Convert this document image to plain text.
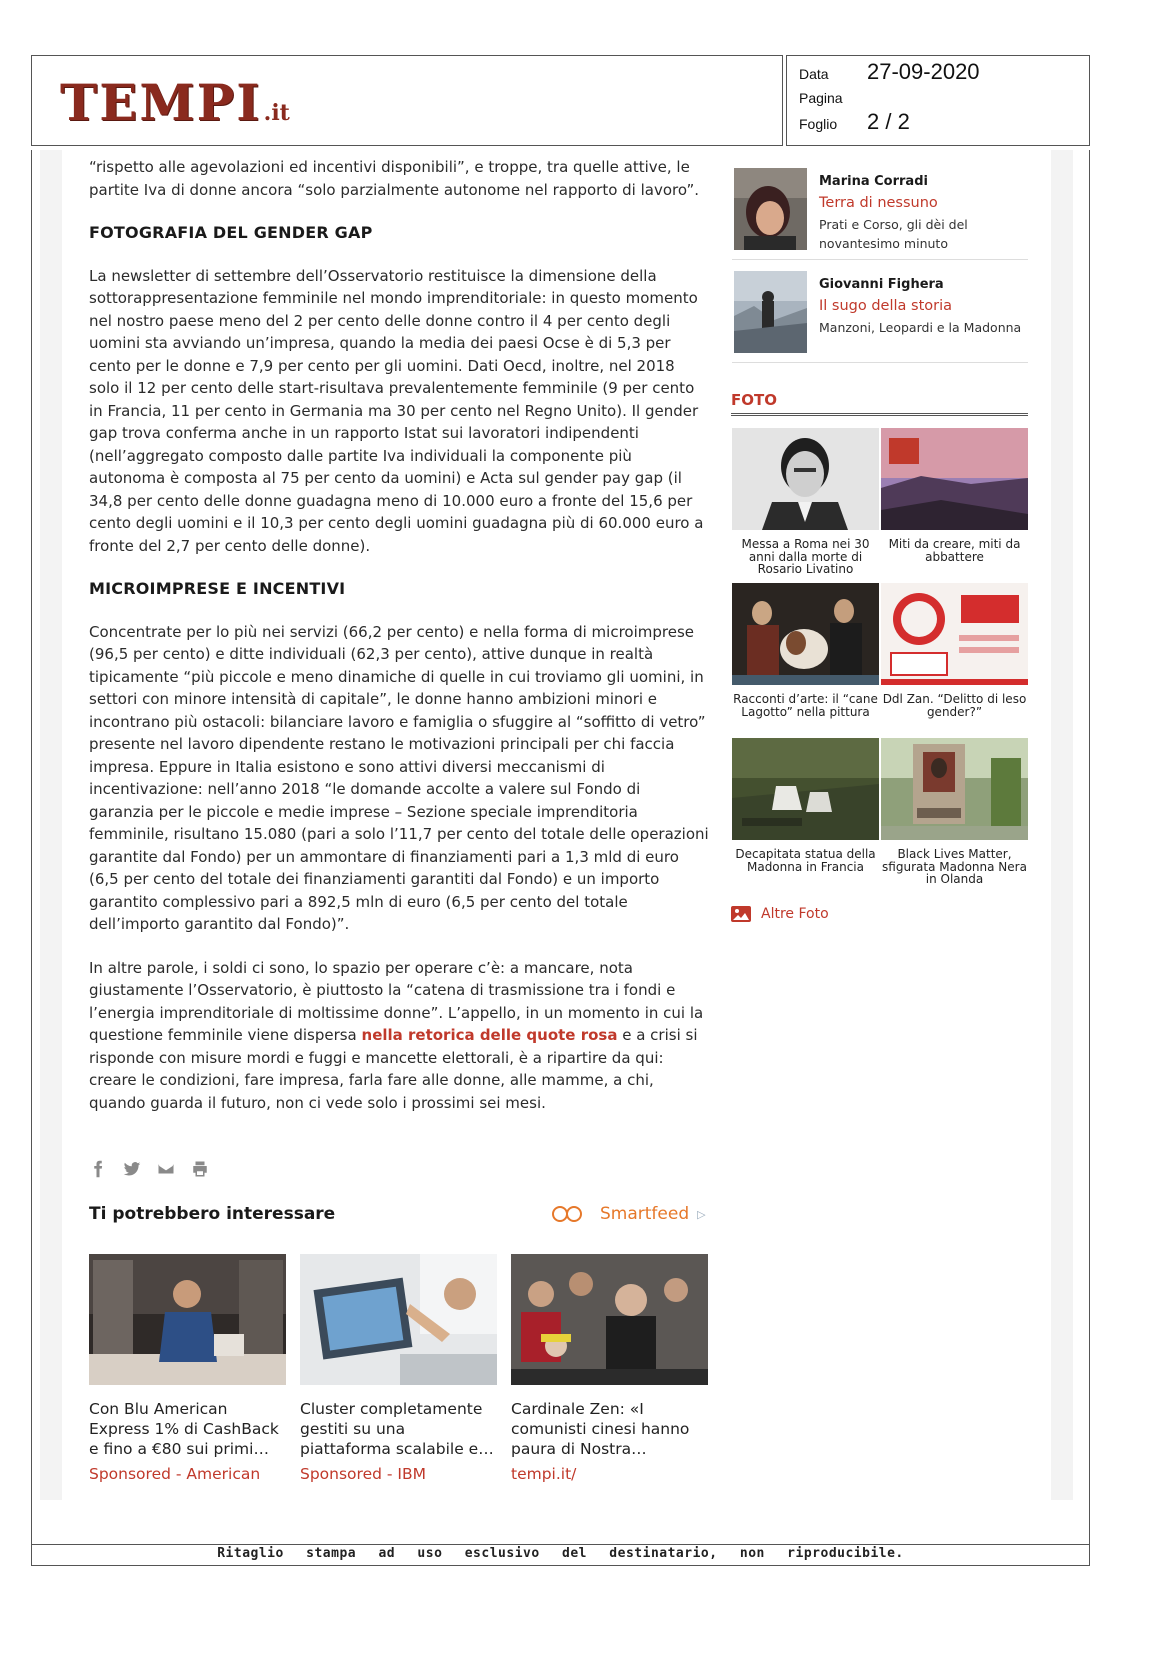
TEMPI .it
Data 27-09-2020
Pagina
Foglio 2 / 2

“rispetto alle agevolazioni ed incentivi disponibili”, e troppe, tra quelle attive, le partite Iva di donne ancora “solo parzialmente autonome nel rapporto di lavoro”.

FOTOGRAFIA DEL GENDER GAP

La newsletter di settembre dell’Osservatorio restituisce la dimensione della sottorappresentazione femminile nel mondo imprenditoriale: in questo momento nel nostro paese meno del 2 per cento delle donne contro il 4 per cento degli uomini sta avviando un’impresa, quando la media dei paesi Ocse è di 5,3 per cento per le donne e 7,9 per cento per gli uomini. Dati Oecd, inoltre, nel 2018 solo il 12 per cento delle start-risultava prevalentemente femminile (9 per cento in Francia, 11 per cento in Germania ma 30 per cento nel Regno Unito). Il gender gap trova conferma anche in un rapporto Istat sui lavoratori indipendenti (nell’aggregato composto dalle partite Iva individuali la componente più autonoma è composta al 75 per cento da uomini) e Acta sul gender pay gap (il 34,8 per cento delle donne guadagna meno di 10.000 euro a fronte del 15,6 per cento degli uomini e il 10,3 per cento degli uomini guadagna più di 60.000 euro a fronte del 2,7 per cento delle donne).

MICROIMPRESE E INCENTIVI

Concentrate per lo più nei servizi (66,2 per cento) e nella forma di microimprese (96,5 per cento) e ditte individuali (62,3 per cento), attive dunque in realtà tipicamente “più piccole e meno dinamiche di quelle in cui troviamo gli uomini, in settori con minore intensità di capitale”, le donne hanno ambizioni minori e incontrano più ostacoli: bilanciare lavoro e famiglia o sfuggire al “soffitto di vetro” presente nel lavoro dipendente restano le motivazioni principali per chi faccia impresa. Eppure in Italia esistono e sono attivi diversi meccanismi di incentivazione: nell’anno 2018 “le domande accolte a valere sul Fondo di garanzia per le piccole e medie imprese – Sezione speciale imprenditoria femminile, risultano 15.080 (pari a solo l’11,7 per cento del totale delle operazioni garantite dal Fondo) per un ammontare di finanziamenti pari a 1,3 mld di euro (6,5 per cento del totale dei finanziamenti garantiti dal Fondo) e un importo garantito complessivo pari a 892,5 mln di euro (6,5 per cento del totale dell’importo garantito dal Fondo)”.

In altre parole, i soldi ci sono, lo spazio per operare c’è: a mancare, nota giustamente l’Osservatorio, è piuttosto la “catena di trasmissione tra i fondi e l’energia imprenditoriale di moltissime donne”. L’appello, in un momento in cui la questione femminile viene dispersa nella retorica delle quote rosa e a crisi si risponde con misure mordi e fuggi e mancette elettorali, è a ripartire da qui: creare le condizioni, fare impresa, farla fare alle donne, alle mamme, a chi, quando guarda il futuro, non ci vede solo i prossimi sei mesi.

Ti potrebbero interessare	Smartfeed ▷
Con Blu American Express 1% di CashBack e fino a €80 sui primi…
Sponsored - American
Cluster completamente gestiti su una piattaforma scalabile e…
Sponsored - IBM
Cardinale Zen: «I comunisti cinesi hanno paura di Nostra…
tempi.it/
Marina Corradi
Terra di nessuno
Prati e Corso, gli dèi del novantesimo minuto
Giovanni Fighera
Il sugo della storia
Manzoni, Leopardi e la Madonna
FOTO
Messa a Roma nei 30 anni dalla morte di Rosario Livatino
Miti da creare, miti da abbattere
Racconti d’arte: il “cane Lagotto” nella pittura
Ddl Zan. “Delitto di leso gender?”
Decapitata statua della Madonna in Francia
Black Lives Matter, sfigurata Madonna Nera in Olanda
Altre Foto
Ritaglio stampa ad uso esclusivo del destinatario, non riproducibile.
